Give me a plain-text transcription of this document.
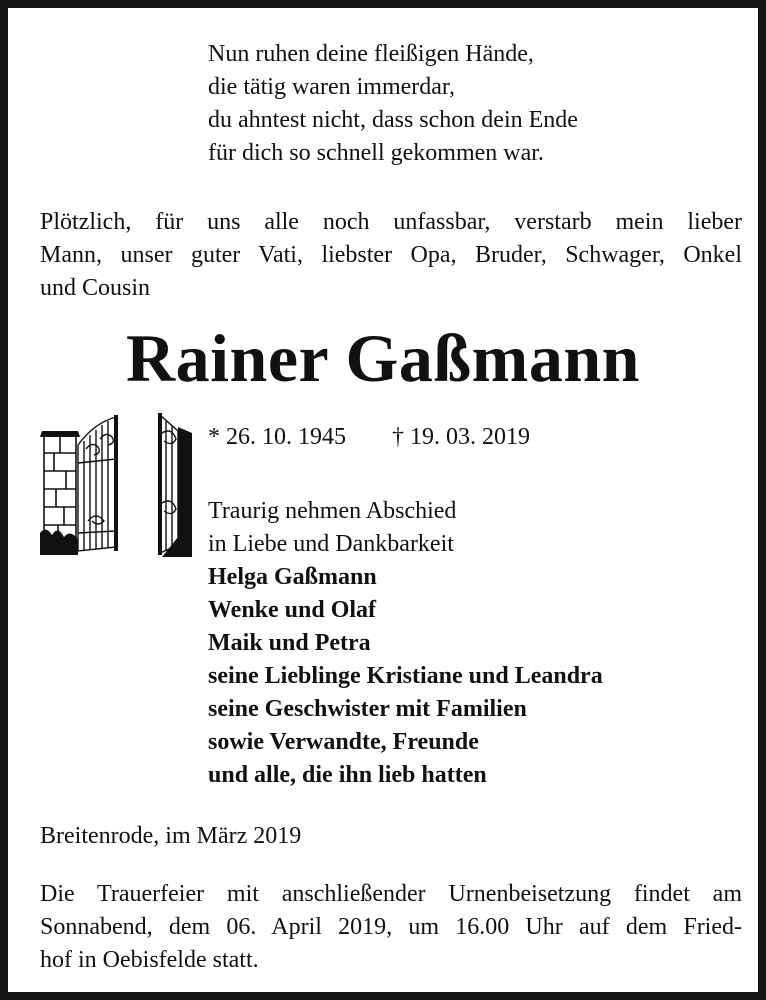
Nun ruhen deine fleißigen Hände,
die tätig waren immerdar,
du ahntest nicht, dass schon dein Ende
für dich so schnell gekommen war.
Plötzlich, für uns alle noch unfassbar, verstarb mein lieber
Mann, unser guter Vati, liebster Opa, Bruder, Schwager, Onkel
und Cousin
Rainer Gaßmann
* 26. 10. 1945 † 19. 03. 2019
Traurig nehmen Abschied
in Liebe und Dankbarkeit
Helga Gaßmann
Wenke und Olaf
Maik und Petra
seine Lieblinge Kristiane und Leandra
seine Geschwister mit Familien
sowie Verwandte, Freunde
und alle, die ihn lieb hatten
Breitenrode, im März 2019
Die Trauerfeier mit anschließender Urnenbeisetzung findet am
Sonnabend, dem 06. April 2019, um 16.00 Uhr auf dem Fried-
hof in Oebisfelde statt.
